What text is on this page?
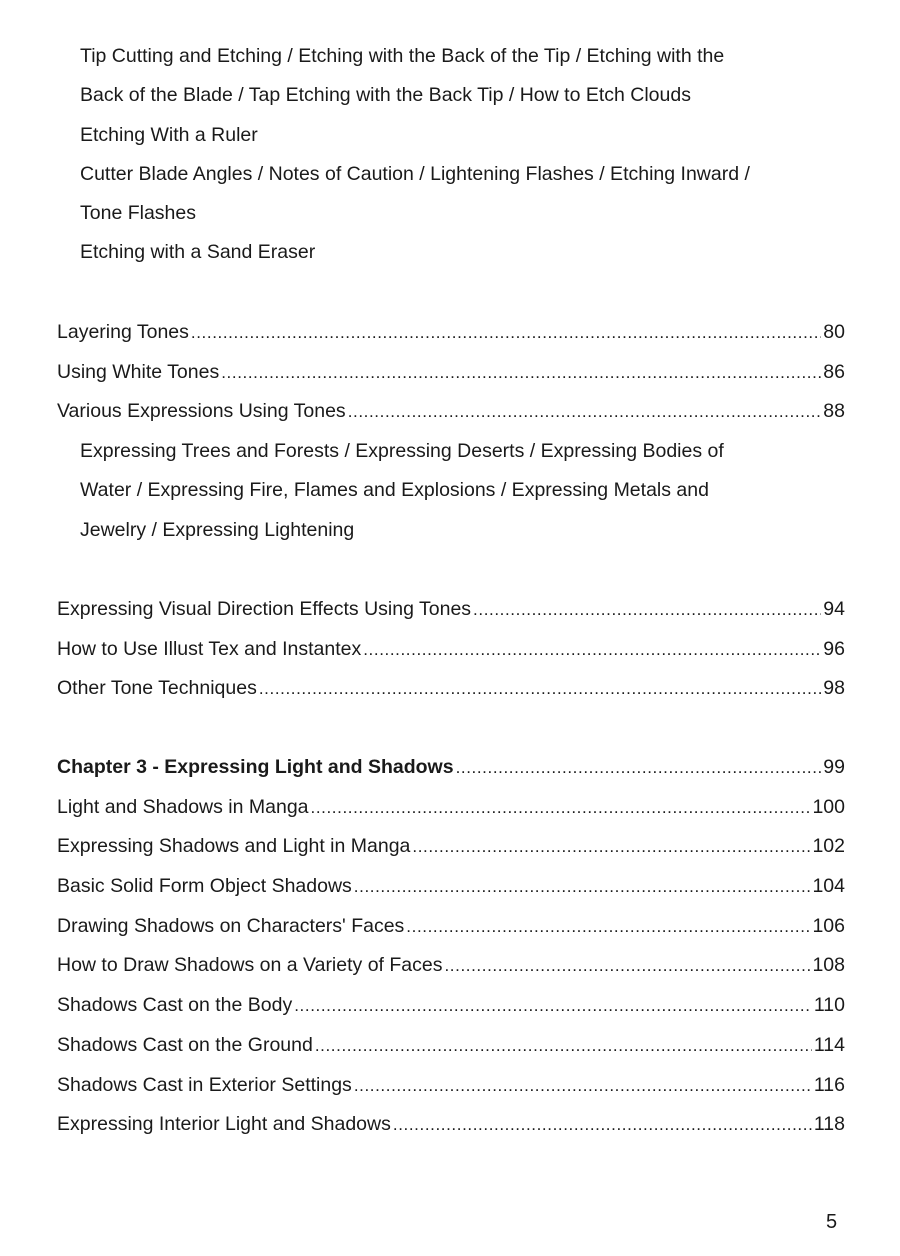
Tip Cutting and Etching / Etching with the Back of the Tip / Etching with the
Back of the Blade / Tap Etching with the Back Tip / How to Etch Clouds
Etching With a Ruler
Cutter Blade Angles / Notes of Caution / Lightening Flashes / Etching Inward /
Tone Flashes
Etching with a Sand Eraser
Layering Tones .....	80
Using White Tones .....	86
Various Expressions Using Tones .....	88
Expressing Trees and Forests / Expressing Deserts / Expressing Bodies of
Water / Expressing Fire, Flames and Explosions / Expressing Metals and
Jewelry / Expressing Lightening
Expressing Visual Direction Effects Using Tones .....	94
How to Use Illust Tex and Instantex .....	96
Other Tone Techniques .....	98
Chapter 3 - Expressing Light and Shadows .....	99
Light and Shadows in Manga .....	100
Expressing Shadows and Light in Manga .....	102
Basic Solid Form Object Shadows .....	104
Drawing Shadows on Characters' Faces .....	106
How to Draw Shadows on a Variety of Faces .....	108
Shadows Cast on the Body .....	110
Shadows Cast on the Ground .....	114
Shadows Cast in Exterior Settings .....	116
Expressing Interior Light and Shadows .....	118
5
